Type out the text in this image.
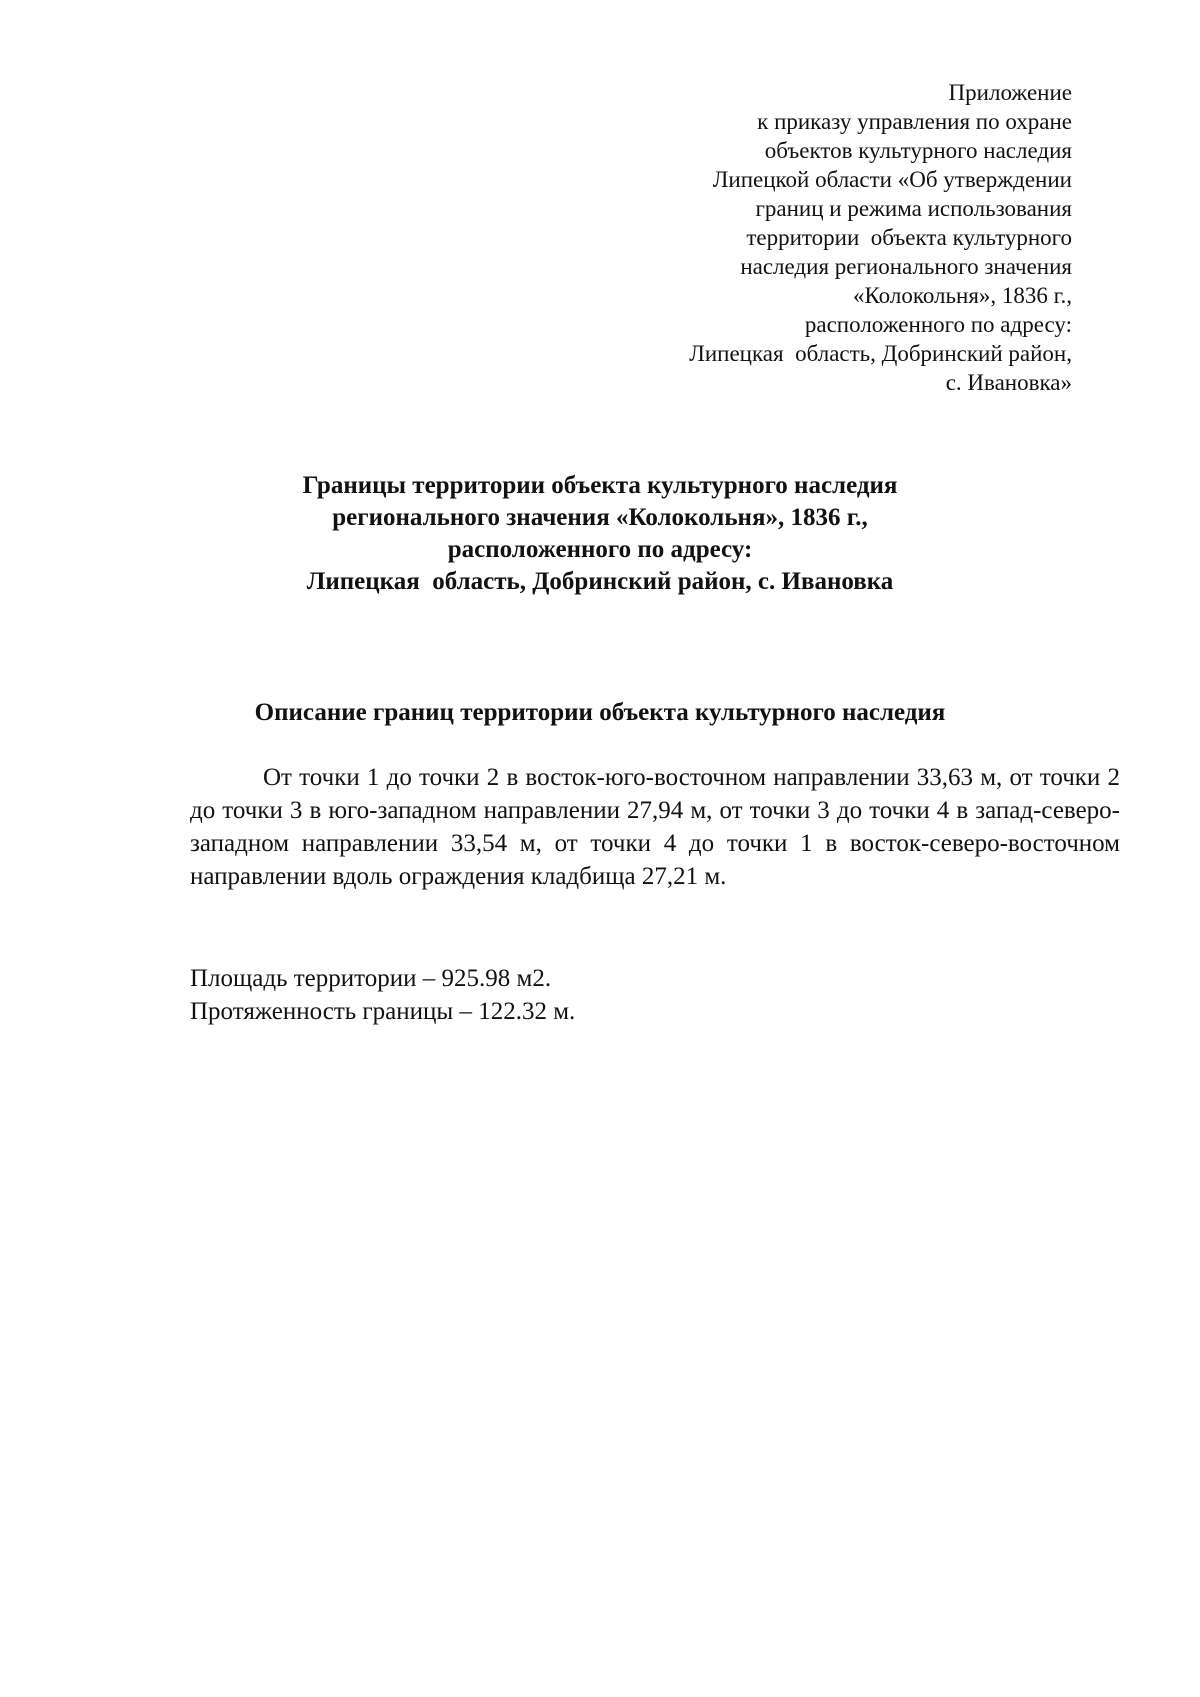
Приложение
к приказу управления по охране
объектов культурного наследия
Липецкой области «Об утверждении
границ и режима использования
территории  объекта культурного
наследия регионального значения
«Колокольня», 1836 г.,
расположенного по адресу:
Липецкая  область, Добринский район,
с. Ивановка»
Границы территории объекта культурного наследия
регионального значения «Колокольня», 1836 г.,
расположенного по адресу:
Липецкая  область, Добринский район, с. Ивановка
Описание границ территории объекта культурного наследия

От точки 1 до точки 2 в восток-юго-восточном направлении 33,63 м, от точки 2 до точки 3 в юго-западном направлении 27,94 м, от точки 3 до точки 4 в запад-северо-западном направлении 33,54 м, от точки 4 до точки 1 в восток-северо-восточном направлении вдоль ограждения кладбища 27,21 м.

Площадь территории – 925.98 м2.
Протяженность границы – 122.32 м.
